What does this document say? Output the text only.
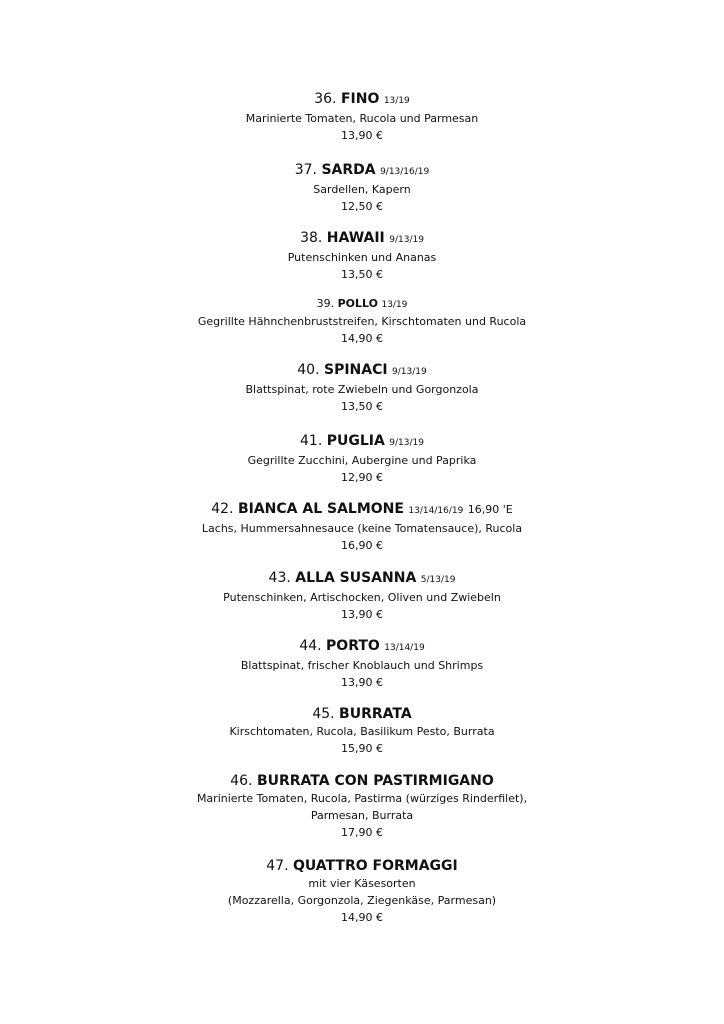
36. FINO 13/19
Marinierte Tomaten, Rucola und Parmesan
13,90 €
37. SARDA 9/13/16/19
Sardellen, Kapern
12,50 €
38. HAWAII 9/13/19
Putenschinken und Ananas
13,50 €
39. POLLO 13/19
Gegrillte Hähnchenbruststreifen, Kirschtomaten und Rucola
14,90 €
40. SPINACI 9/13/19
Blattspinat, rote Zwiebeln und Gorgonzola
13,50 €
41. PUGLIA 9/13/19
Gegrillte Zucchini, Aubergine und Paprika
12,90 €
42. BIANCA AL SALMONE 13/14/16/19 16,90 'E
Lachs, Hummersahnesauce (keine Tomatensauce), Rucola
16,90 €
43. ALLA SUSANNA 5/13/19
Putenschinken, Artischocken, Oliven und Zwiebeln
13,90 €
44. PORTO 13/14/19
Blattspinat, frischer Knoblauch und Shrimps
13,90 €
45. BURRATA
Kirschtomaten, Rucola, Basilikum Pesto, Burrata
15,90 €
46. BURRATA CON PASTIRMIGANO
Marinierte Tomaten, Rucola, Pastirma (würziges Rinderfilet),
Parmesan, Burrata
17,90 €
47. QUATTRO FORMAGGI
mit vier Käsesorten
(Mozzarella, Gorgonzola, Ziegenkäse, Parmesan)
14,90 €
